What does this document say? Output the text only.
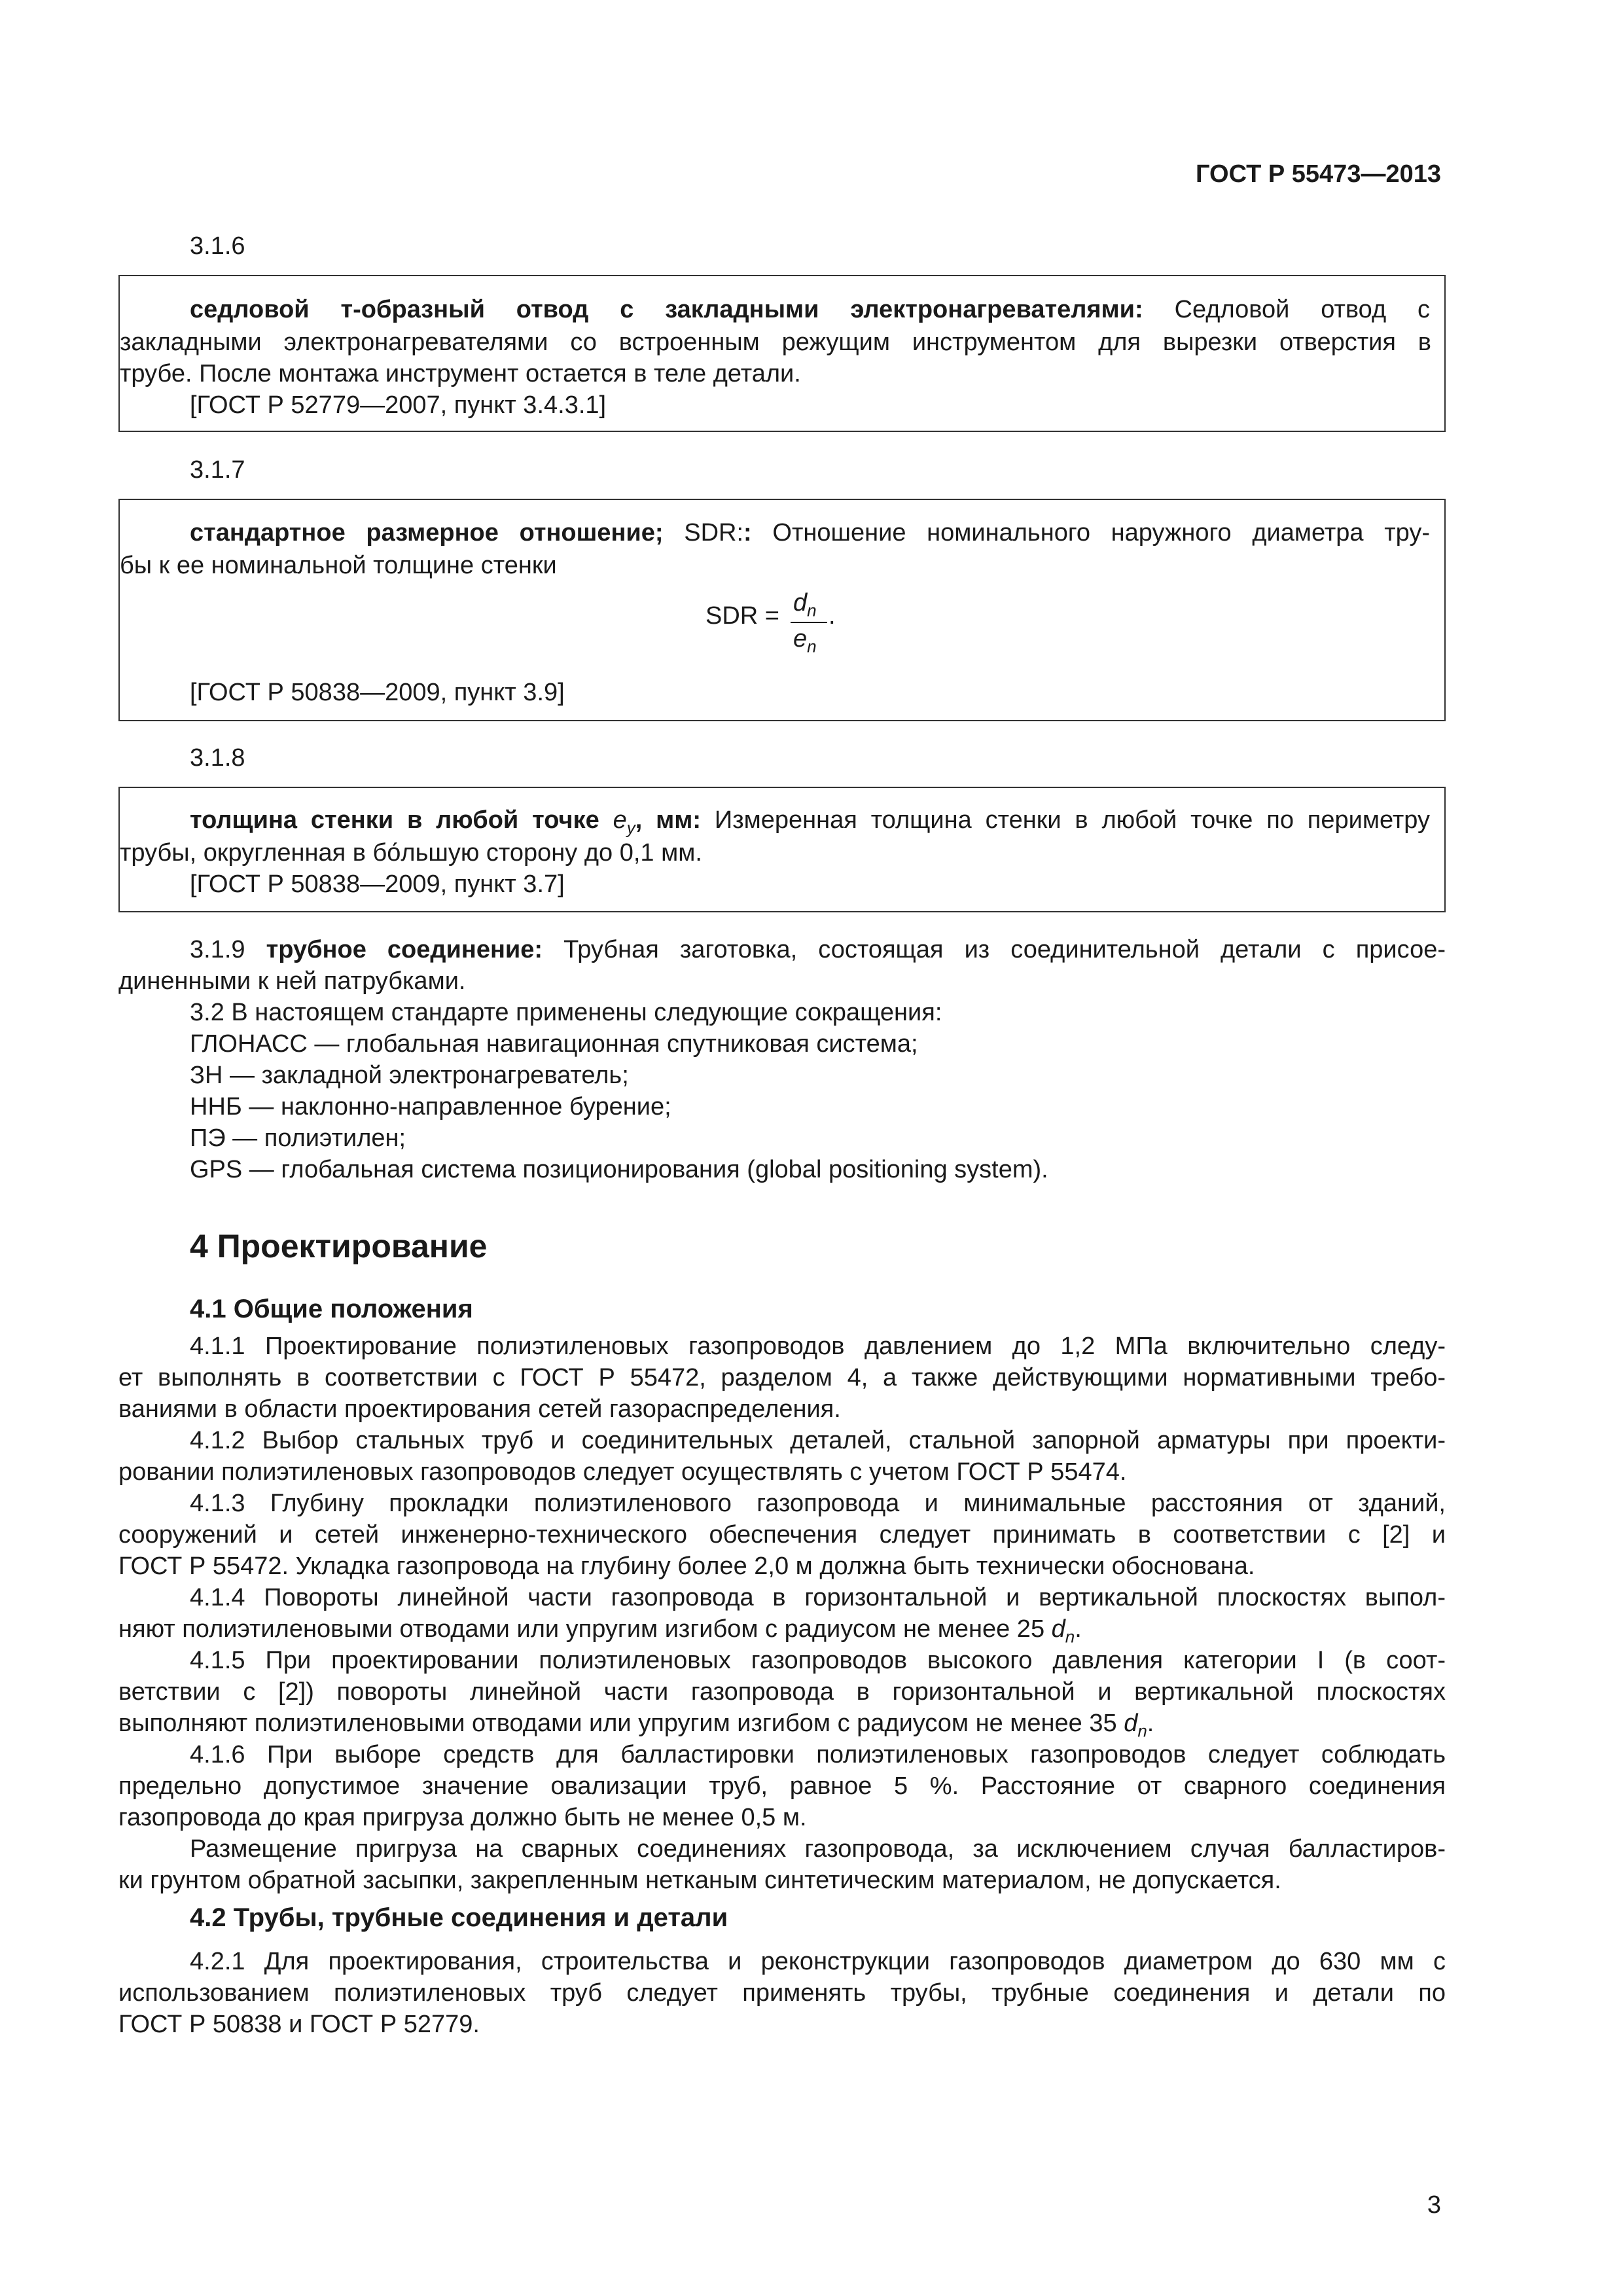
ГОСТ Р 55473—2013
3.1.6
седловой т-образный отвод с закладными электронагревателями: Седловой отвод с
закладными электронагревателями со встроенным режущим инструментом для вырезки отверстия в
трубе. После монтажа инструмент остается в теле детали.
[ГОСТ Р 52779—2007, пункт 3.4.3.1]
3.1.7
стандартное размерное отношение; SDR:: Отношение номинального наружного диаметра тру-
бы к ее номинальной толщине стенки
SDR = $d_n$
$e_n$
.
[ГОСТ Р 50838—2009, пункт 3.9]
3.1.8
толщина стенки в любой точке $e_y$, мм: Измеренная толщина стенки в любой точке по периметру
трубы, округленная в бо́льшую сторону до 0,1 мм.
[ГОСТ Р 50838—2009, пункт 3.7]
3.1.9 трубное соединение: Трубная заготовка, состоящая из соединительной детали с присое-
диненными к ней патрубками.
3.2 В настоящем стандарте применены следующие сокращения:
ГЛОНАСС — глобальная навигационная спутниковая система;
ЗН — закладной электронагреватель;
ННБ — наклонно-направленное бурение;
ПЭ — полиэтилен;
GPS — глобальная система позиционирования (global positioning system).
4 Проектирование
4.1 Общие положения
4.1.1 Проектирование полиэтиленовых газопроводов давлением до 1,2 МПа включительно следу-
ет выполнять в соответствии с ГОСТ Р 55472, разделом 4, а также действующими нормативными требо-
ваниями в области проектирования сетей газораспределения.
4.1.2 Выбор стальных труб и соединительных деталей, стальной запорной арматуры при проекти-
ровании полиэтиленовых газопроводов следует осуществлять с учетом ГОСТ Р 55474.
4.1.3 Глубину прокладки полиэтиленового газопровода и минимальные расстояния от зданий,
сооружений и сетей инженерно-технического обеспечения следует принимать в соответствии с [2] и
ГОСТ Р 55472. Укладка газопровода на глубину более 2,0 м должна быть технически обоснована.
4.1.4 Повороты линейной части газопровода в горизонтальной и вертикальной плоскостях выпол-
няют полиэтиленовыми отводами или упругим изгибом с радиусом не менее 25 $d_n$.
4.1.5 При проектировании полиэтиленовых газопроводов высокого давления категории I (в соот-
ветствии с [2]) повороты линейной части газопровода в горизонтальной и вертикальной плоскостях
выполняют полиэтиленовыми отводами или упругим изгибом с радиусом не менее 35 $d_n$.
4.1.6 При выборе средств для балластировки полиэтиленовых газопроводов следует соблюдать
предельно допустимое значение овализации труб, равное 5 %. Расстояние от сварного соединения
газопровода до края пригруза должно быть не менее 0,5 м.
Размещение пригруза на сварных соединениях газопровода, за исключением случая балластиров-
ки грунтом обратной засыпки, закрепленным нетканым синтетическим материалом, не допускается.
4.2 Трубы, трубные соединения и детали
4.2.1 Для проектирования, строительства и реконструкции газопроводов диаметром до 630 мм с
использованием полиэтиленовых труб следует применять трубы, трубные соединения и детали по
ГОСТ Р 50838 и ГОСТ Р 52779.
3
